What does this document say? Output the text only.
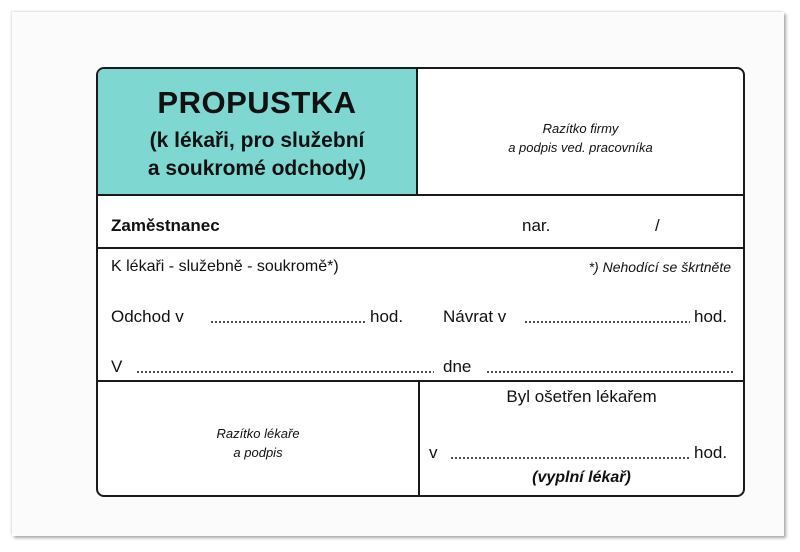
PROPUSTKA
(k lékaři, pro služební
a soukromé odchody)
Razítko firmy
a podpis ved. pracovníka
Zaměstnanec	nar.	/
K lékaři - služebně - soukromě*)	*) Nehodící se škrtněte
Odchod v	hod. Návrat v	hod.
V	dne
Razítko lékaře
a podpis
Byl ošetřen lékařem
v	hod.
(vyplní lékař)
